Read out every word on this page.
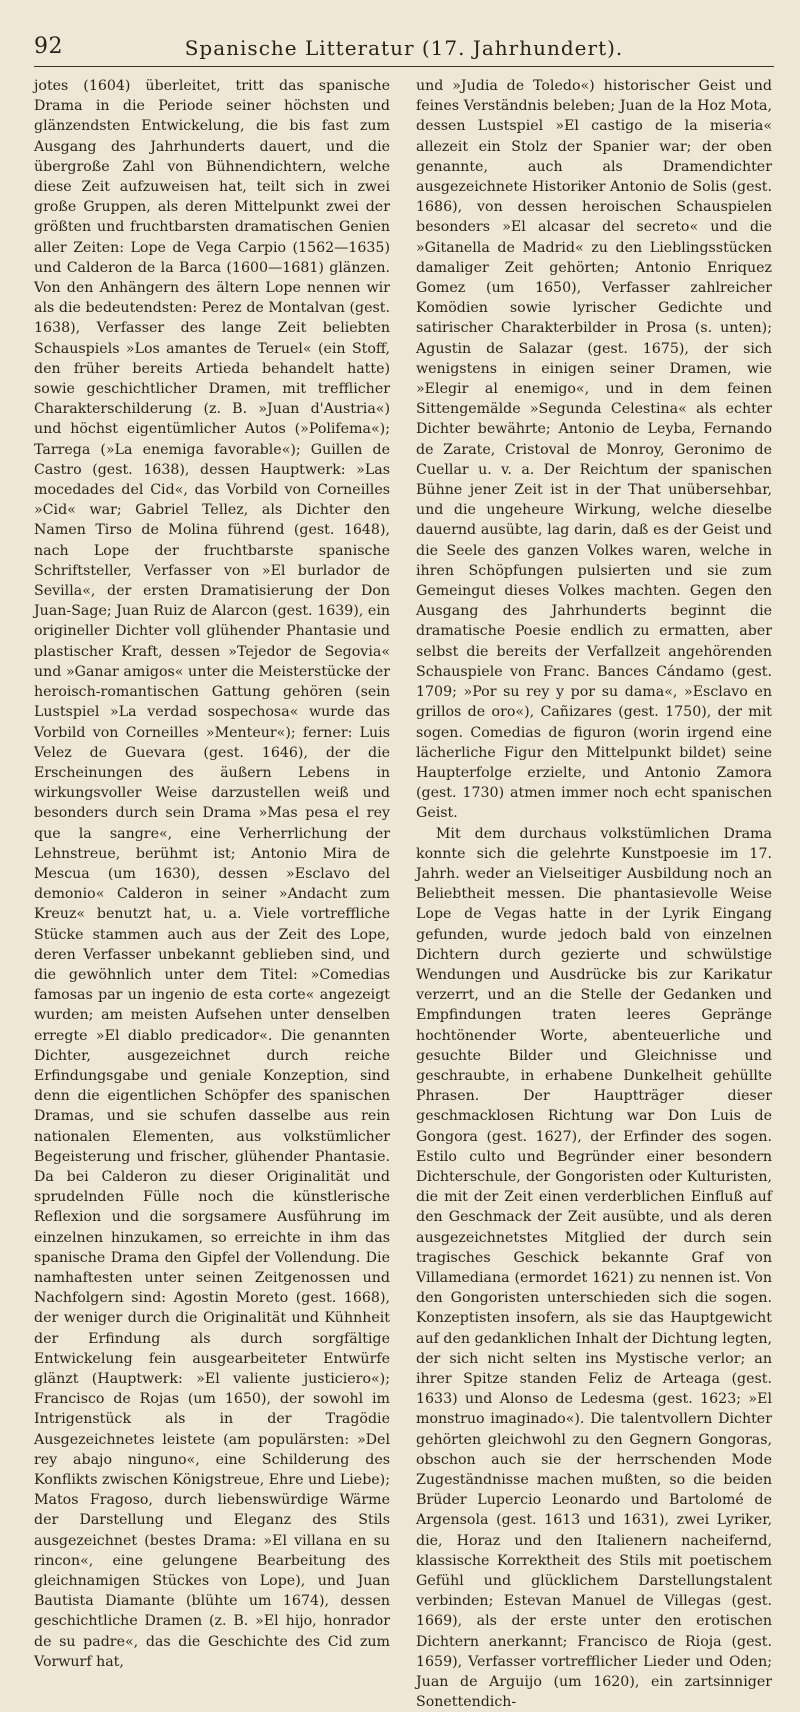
92	Spanische Litteratur (17. Jahrhundert).

jotes (1604) überleitet, tritt das spanische Drama in die Periode seiner höchsten und glänzendsten Entwickelung, die bis fast zum Ausgang des Jahrhunderts dauert, und die übergroße Zahl von Bühnendichtern, welche diese Zeit aufzuweisen hat, teilt sich in zwei große Gruppen, als deren Mittelpunkt zwei der größten und fruchtbarsten dramatischen Genien aller Zeiten: Lope de Vega Carpio (1562—1635) und Calderon de la Barca (1600—1681) glänzen. Von den Anhängern des ältern Lope nennen wir als die bedeutendsten: Perez de Montalvan (gest. 1638), Verfasser des lange Zeit beliebten Schauspiels »Los amantes de Teruel« (ein Stoff, den früher bereits Artieda behandelt hatte) sowie geschichtlicher Dramen, mit trefflicher Charakterschilderung (z. B. »Juan d'Austria«) und höchst eigentümlicher Autos (»Polifema«); Tarrega (»La enemiga favorable«); Guillen de Castro (gest. 1638), dessen Hauptwerk: »Las mocedades del Cid«, das Vorbild von Corneilles »Cid« war; Gabriel Tellez, als Dichter den Namen Tirso de Molina führend (gest. 1648), nach Lope der fruchtbarste spanische Schriftsteller, Verfasser von »El burlador de Sevilla«, der ersten Dramatisierung der Don Juan-Sage; Juan Ruiz de Alarcon (gest. 1639), ein origineller Dichter voll glühender Phantasie und plastischer Kraft, dessen »Tejedor de Segovia« und »Ganar amigos« unter die Meisterstücke der heroisch-romantischen Gattung gehören (sein Lustspiel »La verdad sospechosa« wurde das Vorbild von Corneilles »Menteur«); ferner: Luis Velez de Guevara (gest. 1646), der die Erscheinungen des äußern Lebens in wirkungsvoller Weise darzustellen weiß und besonders durch sein Drama »Mas pesa el rey que la sangre«, eine Verherrlichung der Lehnstreue, berühmt ist; Antonio Mira de Mescua (um 1630), dessen »Esclavo del demonio« Calderon in seiner »Andacht zum Kreuz« benutzt hat, u. a. Viele vortreffliche Stücke stammen auch aus der Zeit des Lope, deren Verfasser unbekannt geblieben sind, und die gewöhnlich unter dem Titel: »Comedias famosas par un ingenio de esta corte« angezeigt wurden; am meisten Aufsehen unter denselben erregte »El diablo predicador«. Die genannten Dichter, ausgezeichnet durch reiche Erfindungsgabe und geniale Konzeption, sind denn die eigentlichen Schöpfer des spanischen Dramas, und sie schufen dasselbe aus rein nationalen Elementen, aus volkstümlicher Begeisterung und frischer, glühender Phantasie. Da bei Calderon zu dieser Originalität und sprudelnden Fülle noch die künstlerische Reflexion und die sorgsamere Ausführung im einzelnen hinzukamen, so erreichte in ihm das spanische Drama den Gipfel der Vollendung. Die namhaftesten unter seinen Zeitgenossen und Nachfolgern sind: Agostin Moreto (gest. 1668), der weniger durch die Originalität und Kühnheit der Erfindung als durch sorgfältige Entwickelung fein ausgearbeiteter Entwürfe glänzt (Hauptwerk: »El valiente justiciero«); Francisco de Rojas (um 1650), der sowohl im Intrigenstück als in der Tragödie Ausgezeichnetes leistete (am populärsten: »Del rey abajo ninguno«, eine Schilderung des Konflikts zwischen Königstreue, Ehre und Liebe); Matos Fragoso, durch liebenswürdige Wärme der Darstellung und Eleganz des Stils ausgezeichnet (bestes Drama: »El villana en su rincon«, eine gelungene Bearbeitung des gleichnamigen Stückes von Lope), und Juan Bautista Diamante (blühte um 1674), dessen geschichtliche Dramen (z. B. »El hijo, honrador de su padre«, das die Geschichte des Cid zum Vorwurf hat,

und »Judia de Toledo«) historischer Geist und feines Verständnis beleben; Juan de la Hoz Mota, dessen Lustspiel »El castigo de la miseria« allezeit ein Stolz der Spanier war; der oben genannte, auch als Dramendichter ausgezeichnete Historiker Antonio de Solis (gest. 1686), von dessen heroischen Schauspielen besonders »El alcasar del secreto« und die »Gitanella de Madrid« zu den Lieblingsstücken damaliger Zeit gehörten; Antonio Enriquez Gomez (um 1650), Verfasser zahlreicher Komödien sowie lyrischer Gedichte und satirischer Charakterbilder in Prosa (s. unten); Agustin de Salazar (gest. 1675), der sich wenigstens in einigen seiner Dramen, wie »Elegir al enemigo«, und in dem feinen Sittengemälde »Segunda Celestina« als echter Dichter bewährte; Antonio de Leyba, Fernando de Zarate, Cristoval de Monroy, Geronimo de Cuellar u. v. a. Der Reichtum der spanischen Bühne jener Zeit ist in der That unübersehbar, und die ungeheure Wirkung, welche dieselbe dauernd ausübte, lag darin, daß es der Geist und die Seele des ganzen Volkes waren, welche in ihren Schöpfungen pulsierten und sie zum Gemeingut dieses Volkes machten. Gegen den Ausgang des Jahrhunderts beginnt die dramatische Poesie endlich zu ermatten, aber selbst die bereits der Verfallzeit angehörenden Schauspiele von Franc. Bances Cándamo (gest. 1709; »Por su rey y por su dama«, »Esclavo en grillos de oro«), Cañizares (gest. 1750), der mit sogen. Comedias de figuron (worin irgend eine lächerliche Figur den Mittelpunkt bildet) seine Haupterfolge erzielte, und Antonio Zamora (gest. 1730) atmen immer noch echt spanischen Geist.

Mit dem durchaus volkstümlichen Drama konnte sich die gelehrte Kunstpoesie im 17. Jahrh. weder an Vielseitiger Ausbildung noch an Beliebtheit messen. Die phantasievolle Weise Lope de Vegas hatte in der Lyrik Eingang gefunden, wurde jedoch bald von einzelnen Dichtern durch gezierte und schwülstige Wendungen und Ausdrücke bis zur Karikatur verzerrt, und an die Stelle der Gedanken und Empfindungen traten leeres Gepränge hochtönender Worte, abenteuerliche und gesuchte Bilder und Gleichnisse und geschraubte, in erhabene Dunkelheit gehüllte Phrasen. Der Hauptträger dieser geschmacklosen Richtung war Don Luis de Gongora (gest. 1627), der Erfinder des sogen. Estilo culto und Begründer einer besondern Dichterschule, der Gongoristen oder Kulturisten, die mit der Zeit einen verderblichen Einfluß auf den Geschmack der Zeit ausübte, und als deren ausgezeichnetstes Mitglied der durch sein tragisches Geschick bekannte Graf von Villamediana (ermordet 1621) zu nennen ist. Von den Gongoristen unterschieden sich die sogen. Konzeptisten insofern, als sie das Hauptgewicht auf den gedanklichen Inhalt der Dichtung legten, der sich nicht selten ins Mystische verlor; an ihrer Spitze standen Feliz de Arteaga (gest. 1633) und Alonso de Ledesma (gest. 1623; »El monstruo imaginado«). Die talentvollern Dichter gehörten gleichwohl zu den Gegnern Gongoras, obschon auch sie der herrschenden Mode Zugeständnisse machen mußten, so die beiden Brüder Lupercio Leonardo und Bartolomé de Argensola (gest. 1613 und 1631), zwei Lyriker, die, Horaz und den Italienern nacheifernd, klassische Korrektheit des Stils mit poetischem Gefühl und glücklichem Darstellungstalent verbinden; Estevan Manuel de Villegas (gest. 1669), als der erste unter den erotischen Dichtern anerkannt; Francisco de Rioja (gest. 1659), Verfasser vortrefflicher Lieder und Oden; Juan de Arguijo (um 1620), ein zartsinniger Sonettendich-
